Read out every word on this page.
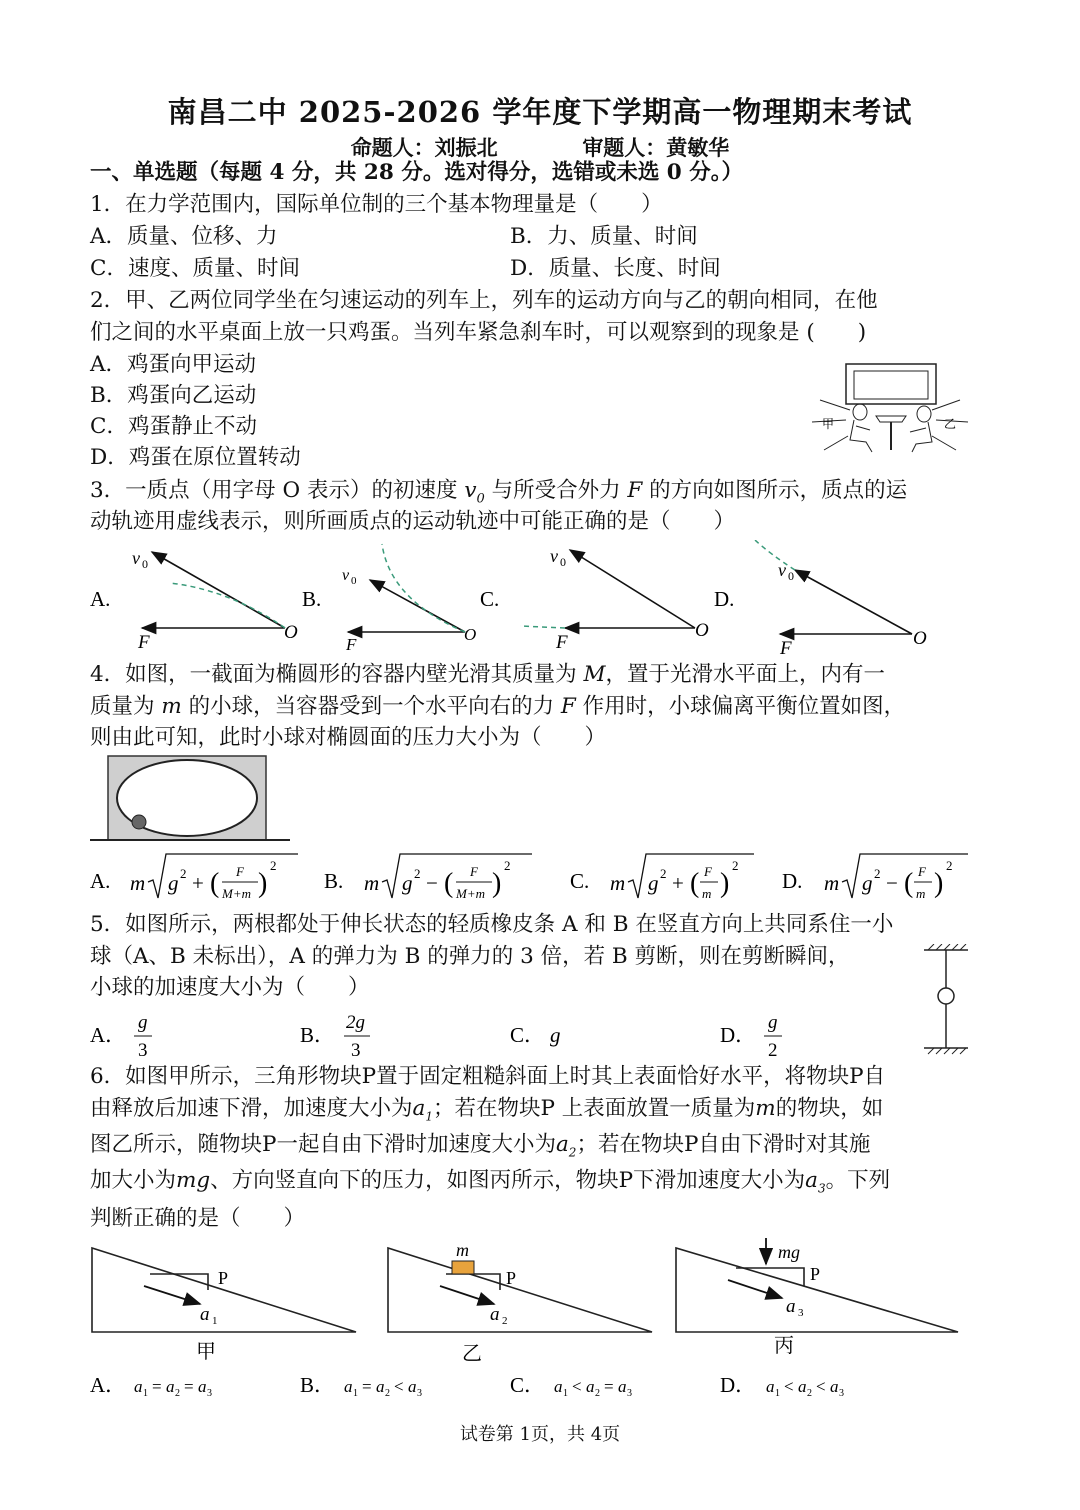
南昌二中 2025-2026 学年度下学期高一物理期末考试
命题人：刘振北	审题人：黄敏华
一、单选题（每题 4 分，共 28 分。选对得分，选错或未选 0 分。）
1．在力学范围内，国际单位制的三个基本物理量是（　　）
A．质量、位移、力	B．力、质量、时间
C．速度、质量、时间	D．质量、长度、时间
2．甲、乙两位同学坐在匀速运动的列车上，列车的运动方向与乙的朝向相同，在他
们之间的水平桌面上放一只鸡蛋。当列车紧急刹车时，可以观察到的现象是 (　　)
A．鸡蛋向甲运动
B．鸡蛋向乙运动
C．鸡蛋静止不动
D．鸡蛋在原位置转动
甲	乙
3．一质点（用字母 O 表示）的初速度 $v_0$ 与所受合外力 F 的方向如图所示，质点的运
动轨迹用虚线表示，则所画质点的运动轨迹中可能正确的是（　　）
A.
v 0
F	O
B.
v 0
F
O
C.
v 0
F
O
D.
v 0
F	O
4．如图，一截面为椭圆形的容器内壁光滑其质量为 M，置于光滑水平面上，内有一
质量为 m 的小球，当容器受到一个水平向右的力 F 作用时，小球偏离平衡位置如图，
则由此可知，此时小球对椭圆面的压力大小为（　　）
A. m g 2 + ( F
M+m )
2
B. m g 2 − ( F
M+m )
2
C. m g 2 + ( F
m )
2
D. m g 2 − ( F
m )
2
5．如图所示，两根都处于伸长状态的轻质橡皮条 A 和 B 在竖直方向上共同系住一小
球（A、B 未标出），A 的弹力为 B 的弹力的 3 倍，若 B 剪断，则在剪断瞬间，
小球的加速度大小为（　　）
A．
g
3
B．
2g
3
C． g	D．
g
2
6．如图甲所示，三角形物块P置于固定粗糙斜面上时其上表面恰好水平，将物块P自
由释放后加速下滑，加速度大小为$a_1$；若在物块P 上表面放置一质量为m的物块，如
图乙所示，随物块P一起自由下滑时加速度大小为$a_2$；若在物块P自由下滑时对其施
加大小为mg、方向竖直向下的压力，如图丙所示，物块P下滑加速度大小为$a_3$。下列
判断正确的是（　　）
P
a 1
甲
m
P
a 2
乙
mg
P
a 3
丙
A． a 1 = a 2 = a 3	B． a 1 = a 2 < a 3	C． a 1 < a 2 = a 3	D． a 1 < a 2 < a 3
试卷第 1页，共 4页
